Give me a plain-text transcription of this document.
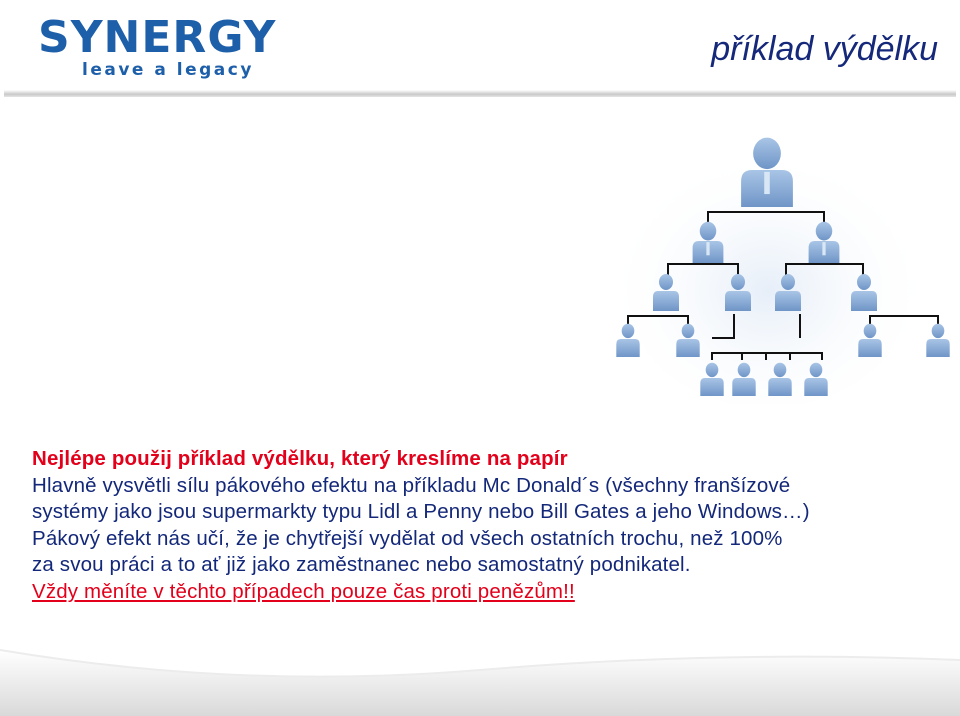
SYNERGY
leave a legacy
příklad výdělku
Nejlépe použij příklad výdělku, který kreslíme na papír
Hlavně vysvětli sílu pákového efektu na příkladu Mc Donald´s (všechny franšízové
systémy jako jsou supermarkty typu Lidl a Penny nebo Bill Gates a jeho Windows…)
Pákový efekt nás učí, že je chytřejší vydělat od všech ostatních trochu, než 100%
za svou práci a to ať již jako zaměstnanec nebo samostatný podnikatel.
Vždy měníte v těchto případech pouze čas proti penězům!!
